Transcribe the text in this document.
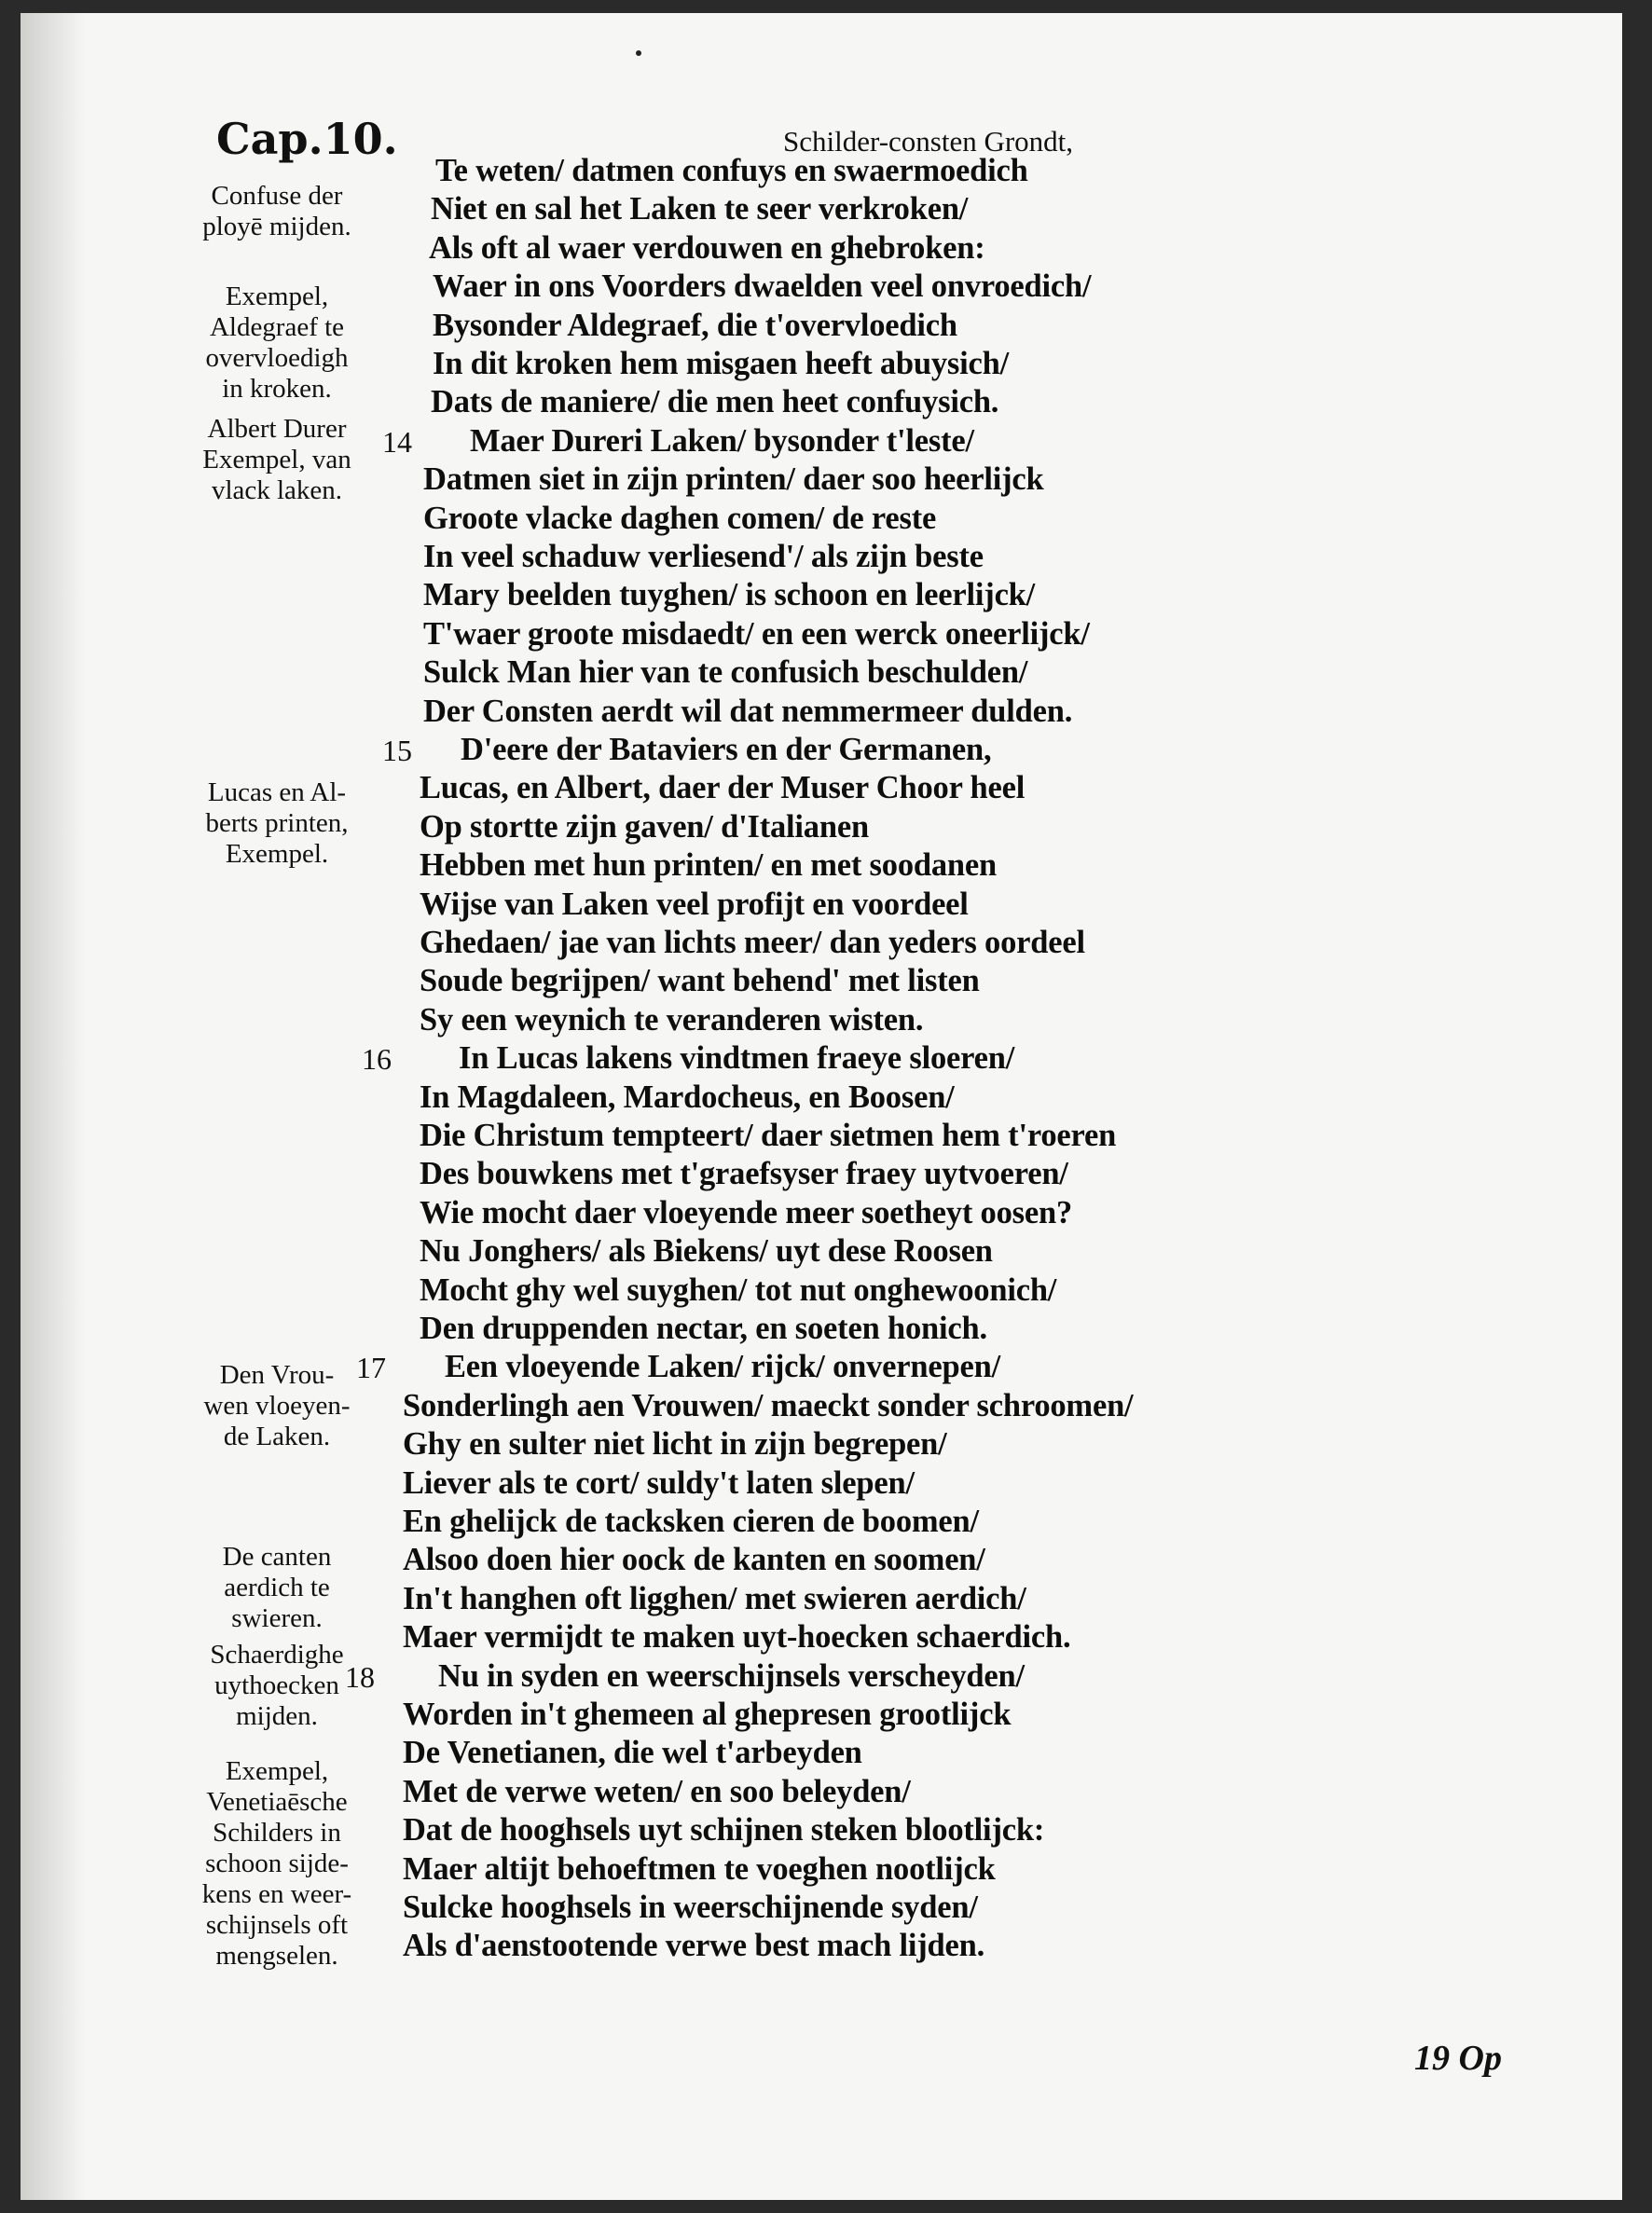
Cap.10.	Schilder-consten Grondt,
Te weten/ datmen confuys en swaermoedich
Niet en sal het Laken te seer verkroken/
Als oft al waer verdouwen en ghebroken:
Waer in ons Voorders dwaelden veel onvroedich/
Bysonder Aldegraef, die t'overvloedich
In dit kroken hem misgaen heeft abuysich/
Dats de maniere/ die men heet confuysich.
Maer Dureri Laken/ bysonder t'leste/
Datmen siet in zijn printen/ daer soo heerlijck
Groote vlacke daghen comen/ de reste
In veel schaduw verliesend'/ als zijn beste
Mary beelden tuyghen/ is schoon en leerlijck/
T'waer groote misdaedt/ en een werck oneerlijck/
Sulck Man hier van te confusich beschulden/
Der Consten aerdt wil dat nemmermeer dulden.
D'eere der Bataviers en der Germanen,
Lucas, en Albert, daer der Muser Choor heel
Op stortte zijn gaven/ d'Italianen
Hebben met hun printen/ en met soodanen
Wijse van Laken veel profijt en voordeel
Ghedaen/ jae van lichts meer/ dan yeders oordeel
Soude begrijpen/ want behend' met listen
Sy een weynich te veranderen wisten.
In Lucas lakens vindtmen fraeye sloeren/
In Magdaleen, Mardocheus, en Boosen/
Die Christum tempteert/ daer sietmen hem t'roeren
Des bouwkens met t'graefsyser fraey uytvoeren/
Wie mocht daer vloeyende meer soetheyt oosen?
Nu Jonghers/ als Biekens/ uyt dese Roosen
Mocht ghy wel suyghen/ tot nut onghewoonich/
Den druppenden nectar, en soeten honich.
Een vloeyende Laken/ rijck/ onvernepen/
Sonderlingh aen Vrouwen/ maeckt sonder schroomen/
Ghy en sulter niet licht in zijn begrepen/
Liever als te cort/ suldy't laten slepen/
En ghelijck de tacksken cieren de boomen/
Alsoo doen hier oock de kanten en soomen/
In't hanghen oft ligghen/ met swieren aerdich/
Maer vermijdt te maken uyt-hoecken schaerdich.
Nu in syden en weerschijnsels verscheyden/
Worden in't ghemeen al ghepresen grootlijck
De Venetianen, die wel t'arbeyden
Met de verwe weten/ en soo beleyden/
Dat de hooghsels uyt schijnen steken blootlijck:
Maer altijt behoeftmen te voeghen nootlijck
Sulcke hooghsels in weerschijnende syden/
Als d'aenstootende verwe best mach lijden.
14
15
16
17
18
Confuse der
ployē mijden.
Exempel,
Aldegraef te
overvloedigh
in kroken.
Albert Durer
Exempel, van
vlack laken.
Lucas en Al-
berts printen,
Exempel.
Den Vrou-
wen vloeyen-
de Laken.
De canten
aerdich te
swieren.
Schaerdighe
uythoecken
mijden.
Exempel,
Venetiaēsche
Schilders in
schoon sijde-
kens en weer-
schijnsels oft
mengselen.
19 Op
